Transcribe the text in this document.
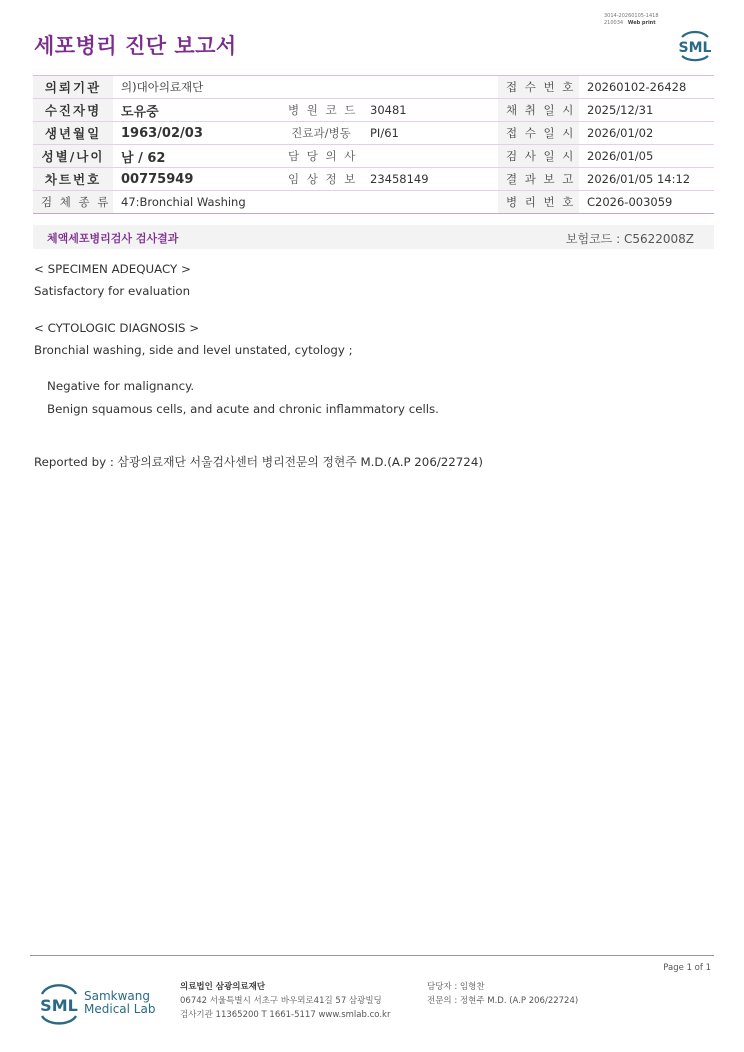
3014-20260105-1418
210034 Web print
세포병리 진단 보고서	SML
의뢰기관	의)대아의료재단			접 수 번 호	20260102-26428
수진자명	도유중	병 원 코 드	30481	채 취 일 시	2025/12/31
생년월일	1963/02/03	진료과/병동	PI/61	접 수 일 시	2026/01/02
성별/나이	남 / 62	담 당 의 사		검 사 일 시	2026/01/05
차트번호	00775949	임 상 정 보	23458149	결 과 보 고	2026/01/05 14:12
검 체 종 류	47:Bronchial Washing			병 리 번 호	C2026-003059
체액세포병리검사 검사결과	보험코드 : C5622008Z
< SPECIMEN ADEQUACY >
Satisfactory for evaluation
< CYTOLOGIC DIAGNOSIS >
Bronchial washing, side and level unstated, cytology ;
Negative for malignancy.
Benign squamous cells, and acute and chronic inflammatory cells.
Reported by : 삼광의료재단 서울검사센터 병리전문의 정현주 M.D.(A.P 206/22724)
Page 1 of 1
SML Samkwang
Medical Lab
의료법인 삼광의료재단
06742 서울특별시 서초구 바우뫼로41길 57 삼광빌딩
검사기관 11365200 T 1661-5117 www.smlab.co.kr
담당자 : 임형찬
전문의 : 정현주 M.D. (A.P 206/22724)
